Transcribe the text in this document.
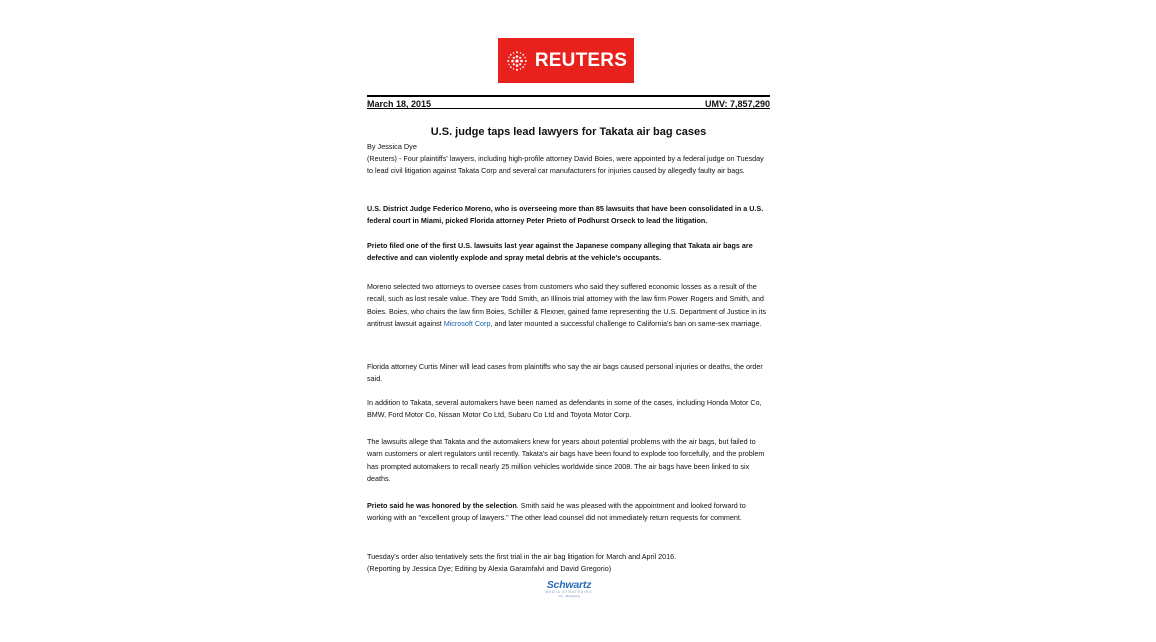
REUTERS
March 18, 2015	UMV: 7,857,290
U.S. judge taps lead lawyers for Takata air bag cases

By Jessica Dye

(Reuters) - Four plaintiffs' lawyers, including high-profile attorney David Boies, were appointed by a federal judge on Tuesday to lead civil litigation against Takata Corp and several car manufacturers for injuries caused by allegedly faulty air bags.

U.S. District Judge Federico Moreno, who is overseeing more than 85 lawsuits that have been consolidated in a U.S. federal court in Miami, picked Florida attorney Peter Prieto of Podhurst Orseck to lead the litigation.

Prieto filed one of the first U.S. lawsuits last year against the Japanese company alleging that Takata air bags are defective and can violently explode and spray metal debris at the vehicle's occupants.

Moreno selected two attorneys to oversee cases from customers who said they suffered economic losses as a result of the recall, such as lost resale value. They are Todd Smith, an Illinois trial attorney with the law firm Power Rogers and Smith, and Boies. Boies, who chairs the law firm Boies, Schiller & Flexner, gained fame representing the U.S. Department of Justice in its antitrust lawsuit against Microsoft Corp, and later mounted a successful challenge to California's ban on same-sex marriage.

Florida attorney Curtis Miner will lead cases from plaintiffs who say the air bags caused personal injuries or deaths, the order said.

In addition to Takata, several automakers have been named as defendants in some of the cases, including Honda Motor Co, BMW, Ford Motor Co, Nissan Motor Co Ltd, Subaru Co Ltd and Toyota Motor Corp.

The lawsuits allege that Takata and the automakers knew for years about potential problems with the air bags, but failed to warn customers or alert regulators until recently. Takata's air bags have been found to explode too forcefully, and the problem has prompted automakers to recall nearly 25 million vehicles worldwide since 2008. The air bags have been linked to six deaths.

Prieto said he was honored by the selection. Smith said he was pleased with the appointment and looked forward to working with an "excellent group of lawyers." The other lead counsel did not immediately return requests for comment.

Tuesday's order also tentatively sets the first trial in the air bag litigation for March and April 2016.

(Reporting by Jessica Dye; Editing by Alexia Garamfalvi and David Gregorio)

Schwartz
MEDIA STRATEGIES
GC · Monitoring
